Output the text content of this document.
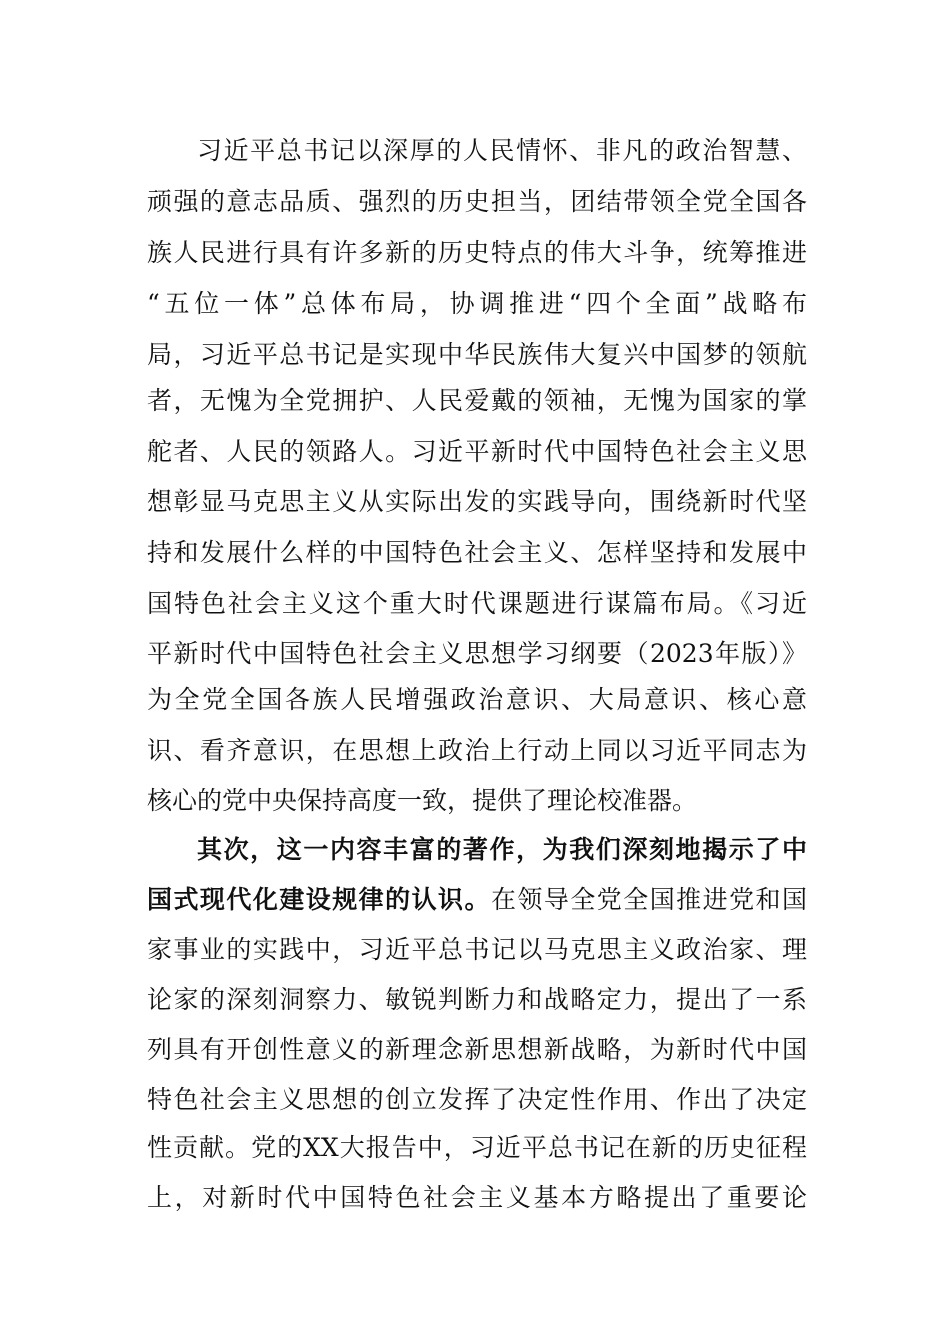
习近平总书记以深厚的人民情怀、非凡的政治智慧、
顽强的意志品质、强烈的历史担当，团结带领全党全国各
族人民进行具有许多新的历史特点的伟大斗争，统筹推进
“五位一体”总体布局，协调推进“四个全面”战略布
局，习近平总书记是实现中华民族伟大复兴中国梦的领航
者，无愧为全党拥护、人民爱戴的领袖，无愧为国家的掌
舵者、人民的领路人。习近平新时代中国特色社会主义思
想彰显马克思主义从实际出发的实践导向，围绕新时代坚
持和发展什么样的中国特色社会主义、怎样坚持和发展中
国特色社会主义这个重大时代课题进行谋篇布局。《习近
平新时代中国特色社会主义思想学习纲要（2023年版）》
为全党全国各族人民增强政治意识、大局意识、核心意
识、看齐意识，在思想上政治上行动上同以习近平同志为
核心的党中央保持高度一致，提供了理论校准器。
其次，这一内容丰富的著作，为我们深刻地揭示了中
国式现代化建设规律的认识。在领导全党全国推进党和国
家事业的实践中，习近平总书记以马克思主义政治家、理
论家的深刻洞察力、敏锐判断力和战略定力，提出了一系
列具有开创性意义的新理念新思想新战略，为新时代中国
特色社会主义思想的创立发挥了决定性作用、作出了决定
性贡献。党的XX大报告中，习近平总书记在新的历史征程
上，对新时代中国特色社会主义基本方略提出了重要论
